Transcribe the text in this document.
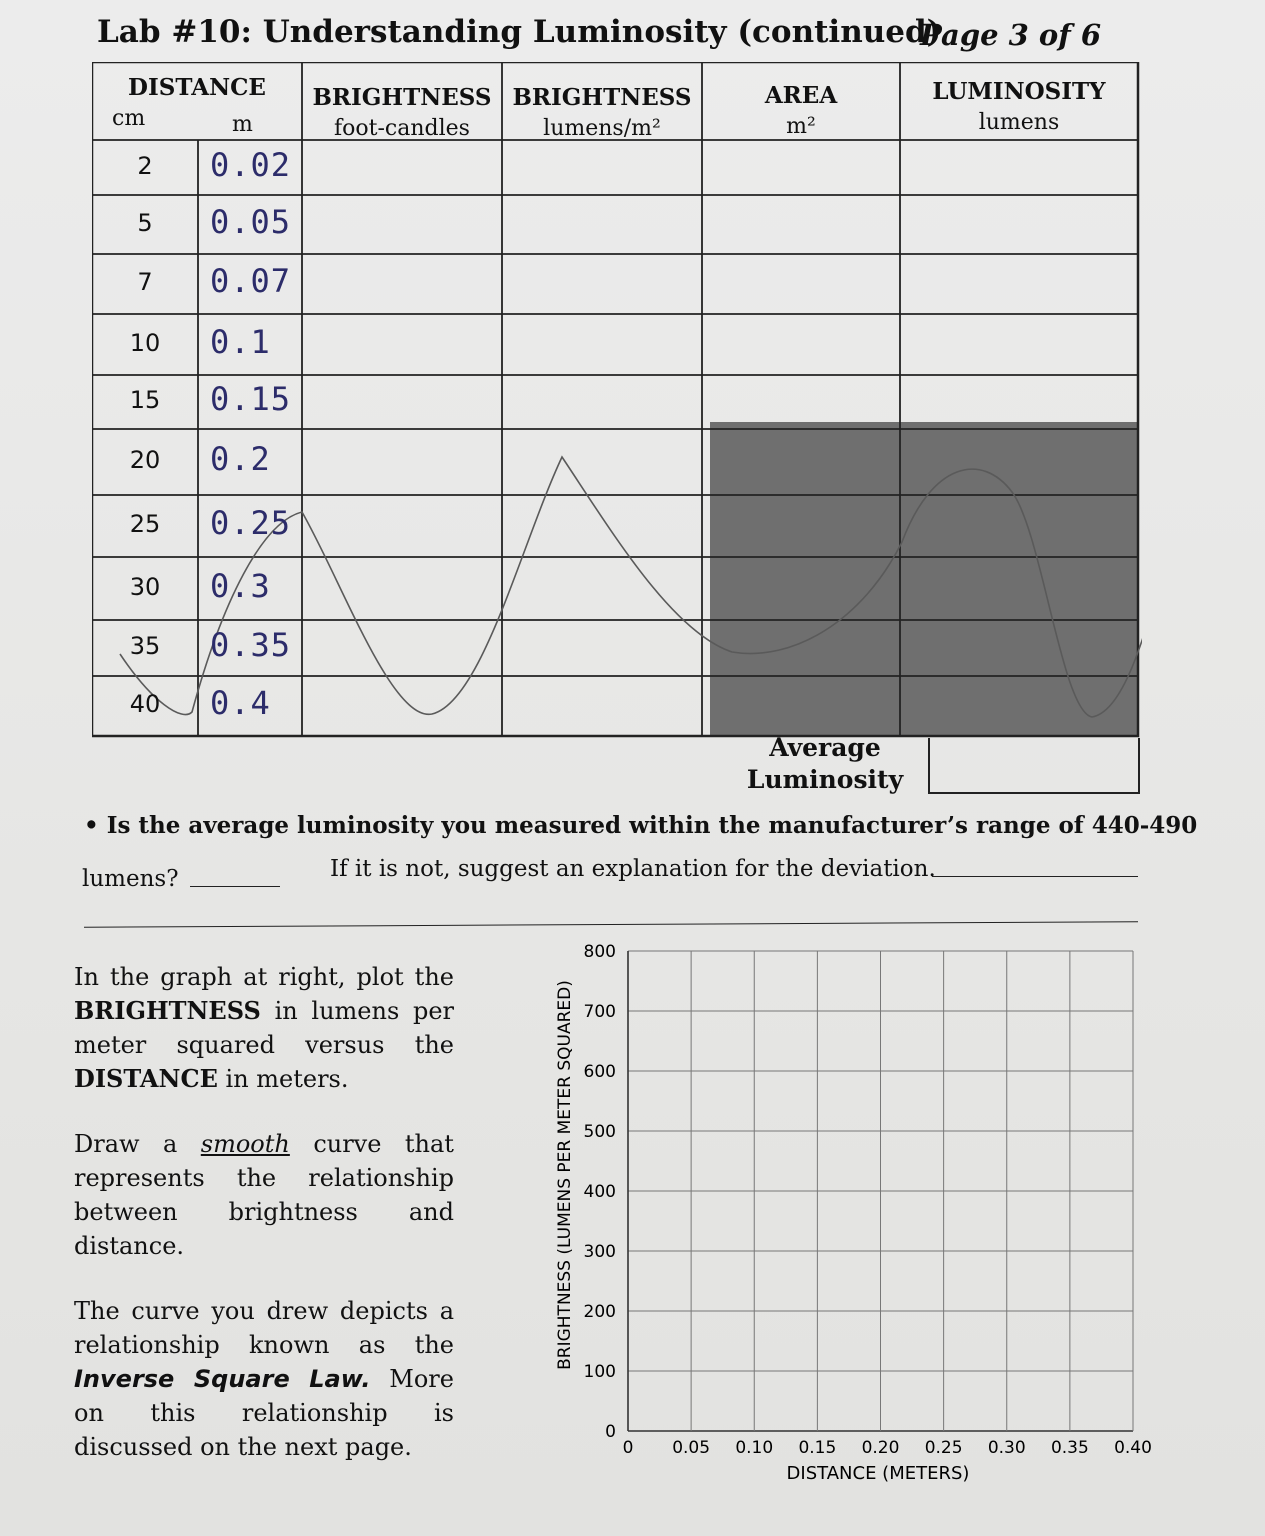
Lab #10: Understanding Luminosity (continued)
Page 3 of 6
DISTANCE
cm	m
BRIGHTNESS
foot-candles
BRIGHTNESS
lumens/m²
AREA
m²
LUMINOSITY
lumens
2	0.02
5	0.05
7	0.07
10	0.1
15	0.15
20	0.2
25	0.25
30	0.3
35	0.35
40	0.4
Average Luminosity
• Is the average luminosity you measured within the manufacturer’s range of 440-490
lumens?	If it is not, suggest an explanation for the deviation.
In the graph at right, plot the BRIGHTNESS in lumens per meter squared versus the DISTANCE in meters.
Draw a smooth curve that represents the relationship between brightness and distance.
The curve you drew depicts a relationship known as the Inverse Square Law. More on this relationship is discussed on the next page.
0
100
200
300
400
500
600
700
800
0 0.05 0.10 0.15 0.20 0.25 0.30 0.35 0.40
BRIGHTNESS (LUMENS PER METER SQUARED)
DISTANCE (METERS)
